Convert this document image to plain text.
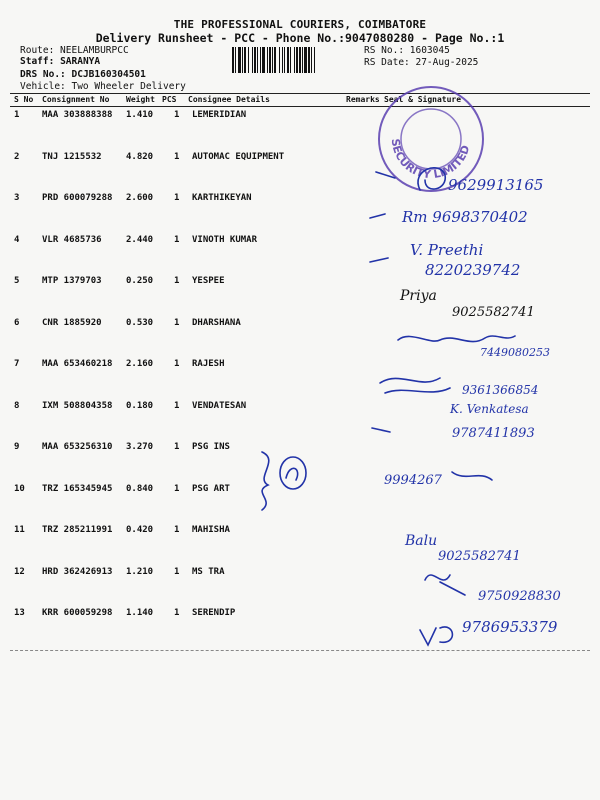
THE PROFESSIONAL COURIERS, COIMBATORE
Delivery Runsheet - PCC - Phone No.:9047080280 - Page No.:1
Route: NEELAMBURPCC
Staff: SARANYA
DRS No.: DCJB160304501
Vehicle: Two Wheeler Delivery
RS No.: 1603045
RS Date: 27-Aug-2025
S No Consignment No Weight PCS Consignee Details	Remarks Seal & Signature
1	MAA 303888388 1.410 1 LEMERIDIAN
2	TNJ 1215532	4.820 1 AUTOMAC EQUIPMENT
3	PRD 600079288 2.600 1 KARTHIKEYAN
4	VLR 4685736	2.440 1 VINOTH KUMAR
5	MTP 1379703	0.250 1 YESPEE
6	CNR 1885920	0.530 1 DHARSHANA
7	MAA 653460218 2.160 1 RAJESH
8	IXM 508804358 0.180 1 VENDATESAN
9	MAA 653256310 3.270 1 PSG INS
10 TRZ 165345945 0.840 1 PSG ART
11 TRZ 285211991 0.420 1 MAHISHA
12 HRD 362426913 1.210 1 MS TRA
13 KRR 600059298 1.140 1 SERENDIP
SECURITY LIMITED
9629913165
Rm 9698370402
V. Preethi
8220239742
Priya
9025582741
7449080253
9361366854
K. Venkatesa
9787411893
9994267
Balu
9025582741
9750928830
9786953379
